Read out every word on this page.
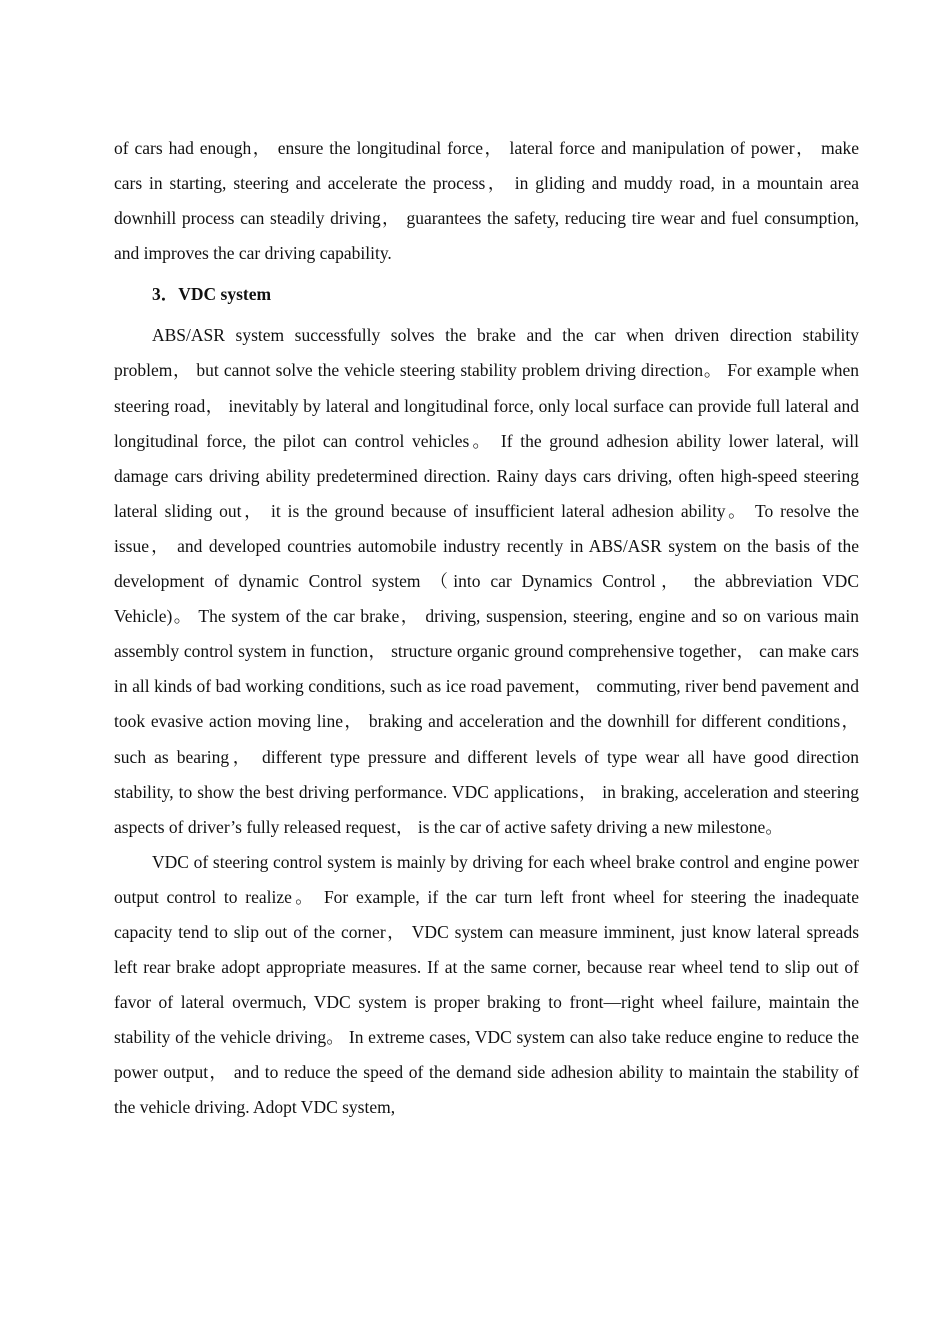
of cars had enough， ensure the longitudinal force， lateral force and manipulation of power， make cars in starting, steering and accelerate the process， in gliding and muddy road, in a mountain area downhill process can steadily driving， guarantees the safety, reducing tire wear and fuel consumption, and improves the car driving capability.

3．VDC system

ABS/ASR system successfully solves the brake and the car when driven direction stability problem， but cannot solve the vehicle steering stability problem driving direction。 For example when steering road， inevitably by lateral and longitudinal force, only local surface can provide full lateral and longitudinal force, the pilot can control vehicles。 If the ground adhesion ability lower lateral, will damage cars driving ability predetermined direction. Rainy days cars driving, often high-speed steering lateral sliding out， it is the ground because of insufficient lateral adhesion ability。 To resolve the issue， and developed countries automobile industry recently in ABS/ASR system on the basis of the development of dynamic Control system （into car Dynamics Control， the abbreviation VDC Vehicle)。 The system of the car brake， driving, suspension, steering, engine and so on various main assembly control system in function， structure organic ground comprehensive together， can make cars in all kinds of bad working conditions, such as ice road pavement， commuting, river bend pavement and took evasive action moving line， braking and acceleration and the downhill for different conditions， such as bearing， different type pressure and different levels of type wear all have good direction stability, to show the best driving performance. VDC applications， in braking, acceleration and steering aspects of driver’s fully released request， is the car of active safety driving a new milestone。

VDC of steering control system is mainly by driving for each wheel brake control and engine power output control to realize。 For example, if the car turn left front wheel for steering the inadequate capacity tend to slip out of the corner， VDC system can measure imminent, just know lateral spreads left rear brake adopt appropriate measures. If at the same corner, because rear wheel tend to slip out of favor of lateral overmuch, VDC system is proper braking to front—right wheel failure, maintain the stability of the vehicle driving。 In extreme cases, VDC system can also take reduce engine to reduce the power output， and to reduce the speed of the demand side adhesion ability to maintain the stability of the vehicle driving. Adopt VDC system,
